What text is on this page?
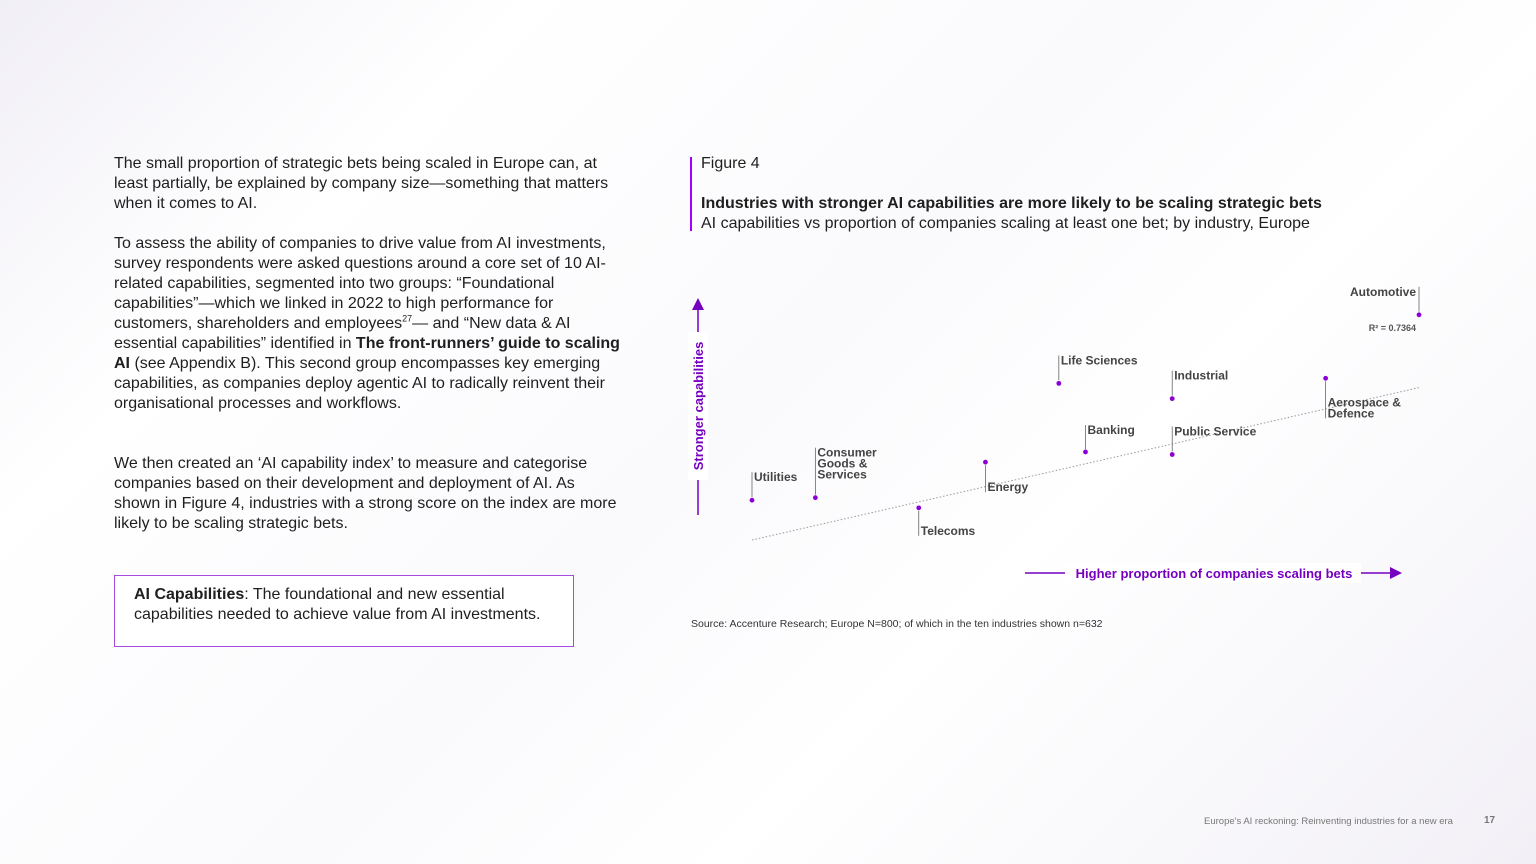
The small proportion of strategic bets being scaled in Europe can, at least partially, be explained by company size—something that matters when it comes to AI.

To assess the ability of companies to drive value from AI investments, survey respondents were asked questions around a core set of 10 AI-related capabilities, segmented into two groups: “Foundational capabilities”—which we linked in 2022 to high performance for customers, shareholders and employees$^{27}$— and “New data & AI essential capabilities” identified in The front-runners’ guide to scaling AI (see Appendix B). This second group encompasses key emerging capabilities, as companies deploy agentic AI to radically reinvent their organisational processes and workflows.

We then created an ‘AI capability index’ to measure and categorise companies based on their development and deployment of AI. As shown in Figure 4, industries with a strong score on the index are more likely to be scaling strategic bets.

AI Capabilities: The foundational and new essential capabilities needed to achieve value from AI investments.
Figure 4
Industries with stronger AI capabilities are more likely to be scaling strategic bets
AI capabilities vs proportion of companies scaling at least one bet; by industry, Europe
Stronger capabilities
Higher proportion of companies scaling bets
R² = 0.7364
Utilities
Consumer Goods & Services
Telecoms
Energy
Life Sciences
Banking
Industrial
Public Service
Aerospace & Defence
Automotive
Source: Accenture Research; Europe N=800; of which in the ten industries shown n=632
Europe's AI reckoning: Reinventing industries for a new era	17
